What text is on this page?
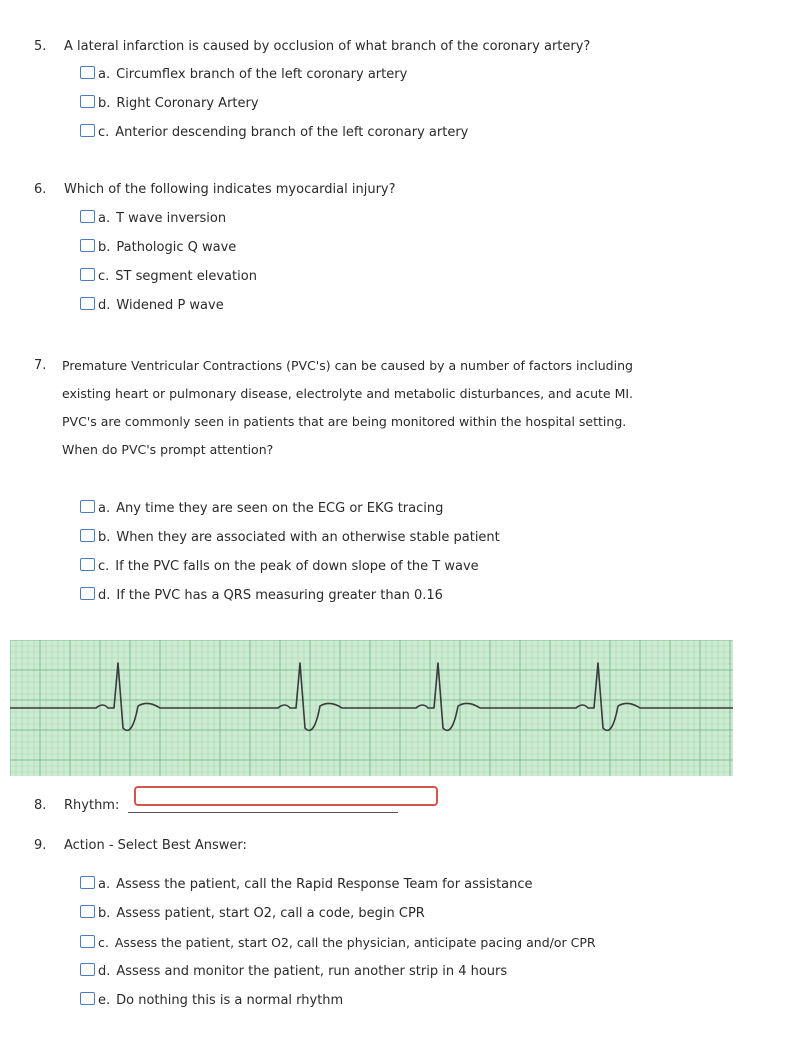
5. A lateral infarction is caused by occlusion of what branch of the coronary artery?
a. Circumflex branch of the left coronary artery
b. Right Coronary Artery
c. Anterior descending branch of the left coronary artery
6. Which of the following indicates myocardial injury?
a. T wave inversion
b. Pathologic Q wave
c. ST segment elevation
d. Widened P wave
7. Premature Ventricular Contractions (PVC's) can be caused by a number of factors including
existing heart or pulmonary disease, electrolyte and metabolic disturbances, and acute MI.
PVC's are commonly seen in patients that are being monitored within the hospital setting.
When do PVC's prompt attention?
a. Any time they are seen on the ECG or EKG tracing
b. When they are associated with an otherwise stable patient
c. If the PVC falls on the peak of down slope of the T wave
d. If the PVC has a QRS measuring greater than 0.16
8. Rhythm:
9. Action - Select Best Answer:
a. Assess the patient, call the Rapid Response Team for assistance
b. Assess patient, start O2, call a code, begin CPR
c. Assess the patient, start O2, call the physician, anticipate pacing and/or CPR
d. Assess and monitor the patient, run another strip in 4 hours
e. Do nothing this is a normal rhythm
